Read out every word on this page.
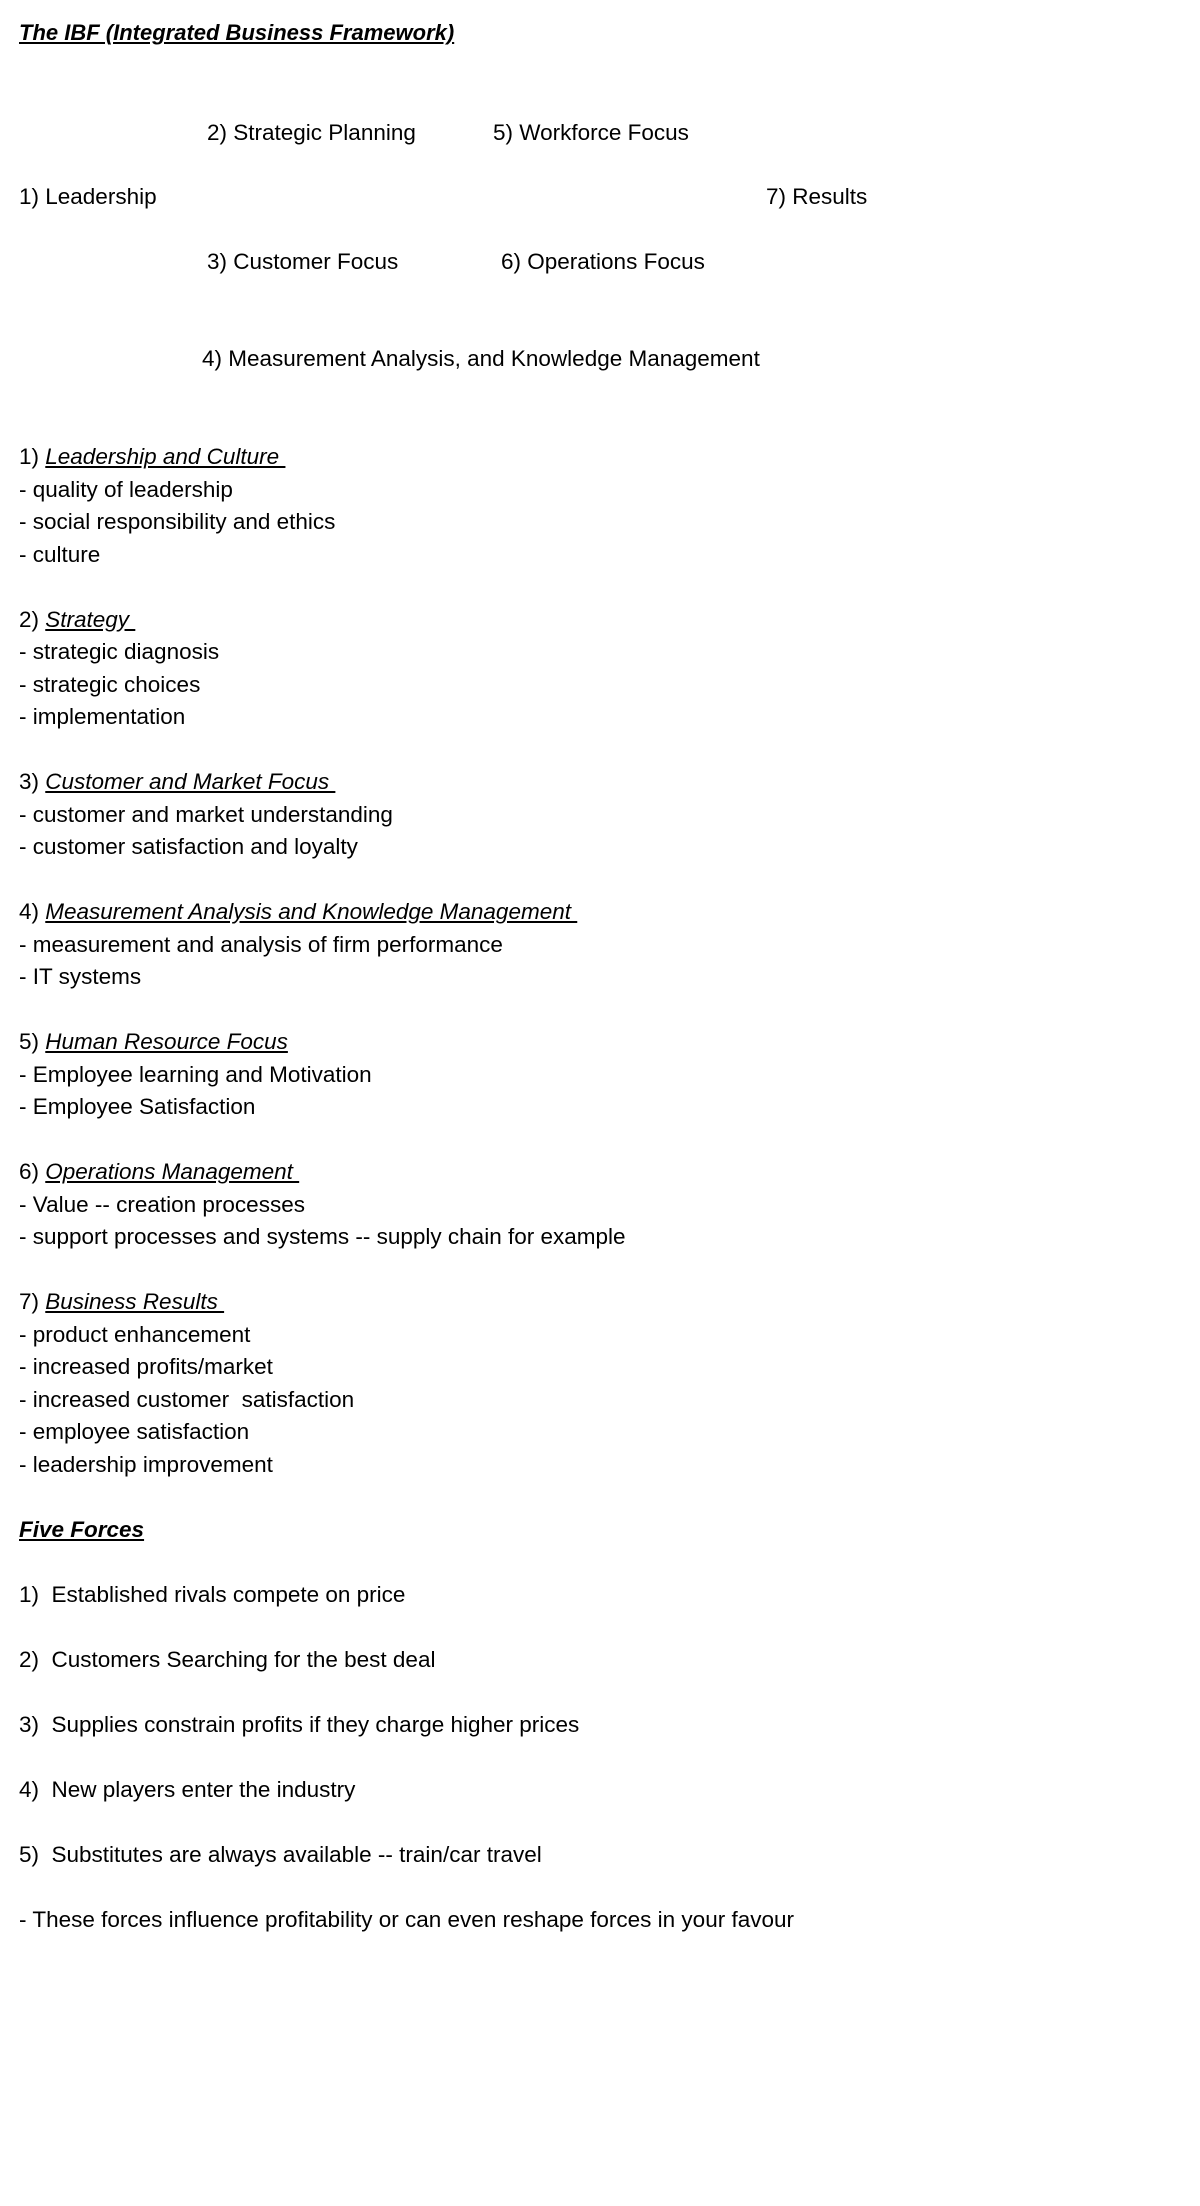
The IBF (Integrated Business Framework)
2) Strategic Planning	5) Workforce Focus
1) Leadership	7) Results
3) Customer Focus	6) Operations Focus
4) Measurement Analysis, and Knowledge Management
1) Leadership and Culture
- quality of leadership
- social responsibility and ethics
- culture
2) Strategy
- strategic diagnosis
- strategic choices
- implementation
3) Customer and Market Focus
- customer and market understanding
- customer satisfaction and loyalty
4) Measurement Analysis and Knowledge Management
- measurement and analysis of firm performance
- IT systems
5) Human Resource Focus
- Employee learning and Motivation
- Employee Satisfaction
6) Operations Management
- Value -- creation processes
- support processes and systems -- supply chain for example
7) Business Results
- product enhancement
- increased profits/market
- increased customer  satisfaction
- employee satisfaction
- leadership improvement
Five Forces
1)  Established rivals compete on price
2)  Customers Searching for the best deal
3)  Supplies constrain profits if they charge higher prices
4)  New players enter the industry
5)  Substitutes are always available -- train/car travel
- These forces influence profitability or can even reshape forces in your favour
